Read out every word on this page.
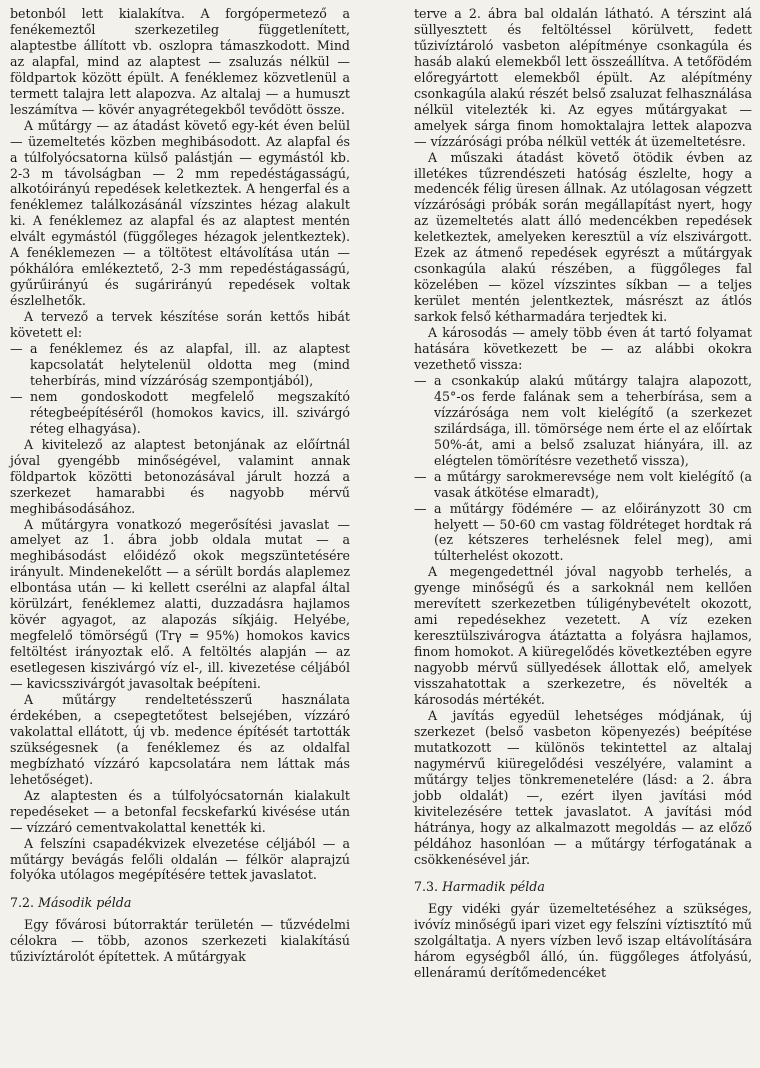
betonból lett kialakítva. A forgópermetező a fenékemeztől szerkezetileg függetlenített, alaptestbe állított vb. oszlopra támaszkodott. Mind az alapfal, mind az alaptest — zsaluzás nélkül — földpartok között épült. A fenéklemez közvetlenül a termett talajra lett alapozva. Az altalaj — a humuszt leszámítva — kövér anyagrétegekből tevődött össze.

A műtárgy — az átadást követő egy-két éven belül — üzemeltetés közben meghibásodott. Az alapfal és a túlfolyócsatorna külső palástján — egymástól kb. 2-3 m távolságban — 2 mm repedéstágasságú, alkotóirányú repedések keletkeztek. A hengerfal és a fenéklemez találkozásánál vízszintes hézag alakult ki. A fenéklemez az alapfal és az alaptest mentén elvált egymástól (függőleges hézagok jelentkeztek). A fenéklemezen — a töltötest eltávolítása után — pókhálóra emlékeztető, 2-3 mm repedéstágasságú, gyűrűirányú és sugárirányú repedések voltak észlelhetők.

A tervező a tervek készítése során kettős hibát követett el:

— a fenéklemez és az alapfal, ill. az alaptest kapcsolatát helytelenül oldotta meg (mind teherbírás, mind vízzáróság szempontjából),
— nem gondoskodott megfelelő megszakító rétegbeépítéséről (homokos kavics, ill. szivárgó réteg elhagyása).

A kivitelező az alaptest betonjának az előírtnál jóval gyengébb minőségével, valamint annak földpartok közötti betonozásával járult hozzá a szerkezet hamarabbi és nagyobb mérvű meghibásodásához.

A műtárgyra vonatkozó megerősítési javaslat — amelyet az 1. ábra jobb oldala mutat — a meghibásodást előidéző okok megszüntetésére irányult. Mindenekelőtt — a sérült bordás alaplemez elbontása után — ki kellett cserélni az alapfal által körülzárt, fenéklemez alatti, duzzadásra hajlamos kövér agyagot, az alapozás síkjáig. Helyébe, megfelelő tömörségű (Trγ = 95%) homokos kavics feltöltést irányoztak elő. A feltöltés alapján — az esetlegesen kiszivárgó víz el-, ill. kivezetése céljából — kavicsszivárgót javasoltak beépíteni.

A műtárgy rendeltetésszerű használata érdekében, a csepegtetőtest belsejében, vízzáró vakolattal ellátott, új vb. medence építését tartották szükségesnek (a fenéklemez és az oldalfal megbízható vízzáró kapcsolatára nem láttak más lehetőséget).

Az alaptesten és a túlfolyócsatornán kialakult repedéseket — a betonfal fecskefarkú kivésése után — vízzáró cementvakolattal kenették ki.

A felszíni csapadékvizek elvezetése céljából — a műtárgy bevágás felőli oldalán — félkör alaprajzú folyóka utólagos megépítésére tettek javaslatot.

7.2. Második példa

Egy fővárosi bútorraktár területén — tűzvédelmi célokra — több, azonos szerkezeti kialakítású tűzivíztárolót építettek. A műtárgyak

terve a 2. ábra bal oldalán látható. A térszint alá süllyesztett és feltöltéssel körülvett, fedett tűzivíztároló vasbeton alépítménye csonkagúla és hasáb alakú elemekből lett összeállítva. A tetőfödém előregyártott elemekből épült. Az alépítmény csonkagúla alakú részét belső zsaluzat felhasználása nélkül vitelezték ki. Az egyes műtárgyakat — amelyek sárga finom homoktalajra lettek alapozva — vízzárósági próba nélkül vették át üzemeltetésre.

A műszaki átadást követő ötödik évben az illetékes tűzrendészeti hatóság észlelte, hogy a medencék félig üresen állnak. Az utólagosan végzett vízzárósági próbák során megállapítást nyert, hogy az üzemeltetés alatt álló medencékben repedések keletkeztek, amelyeken keresztül a víz elszivárgott. Ezek az átmenő repedések egyrészt a műtárgyak csonkagúla alakú részében, a függőleges fal közelében — közel vízszintes síkban — a teljes kerület mentén jelentkeztek, másrészt az átlós sarkok felső kétharmadára terjedtek ki.

A károsodás — amely több éven át tartó folyamat hatására következett be — az alábbi okokra vezethető vissza:

— a csonkakúp alakú műtárgy talajra alapozott, 45°-os ferde falának sem a teherbírása, sem a vízzárósága nem volt kielégítő (a szerkezet szilárdsága, ill. tömörsége nem érte el az előírtak 50%-át, ami a belső zsaluzat hiányára, ill. az elégtelen tömörítésre vezethető vissza),
— a műtárgy sarokmerevsége nem volt kielégítő (a vasak átkötése elmaradt),
— a műtárgy födémére — az előirányzott 30 cm helyett — 50-60 cm vastag földréteget hordtak rá (ez kétszeres terhelésnek felel meg), ami túlterhelést okozott.

A megengedettnél jóval nagyobb terhelés, a gyenge minőségű és a sarkoknál nem kellően merevített szerkezetben túligénybevételt okozott, ami repedésekhez vezetett. A víz ezeken keresztülszivárogva átáztatta a folyásra hajlamos, finom homokot. A kiüregelődés következtében egyre nagyobb mérvű süllyedések állottak elő, amelyek visszahatottak a szerkezetre, és növelték a károsodás mértékét.

A javítás egyedül lehetséges módjának, új szerkezet (belső vasbeton köpenyezés) beépítése mutatkozott — különös tekintettel az altalaj nagymérvű kiüregelődési veszélyére, valamint a műtárgy teljes tönkremenetelére (lásd: a 2. ábra jobb oldalát) —, ezért ilyen javítási mód kivitelezésére tettek javaslatot. A javítási mód hátránya, hogy az alkalmazott megoldás — az előző példához hasonlóan — a műtárgy térfogatának a csökkenésével jár.

7.3. Harmadik példa

Egy vidéki gyár üzemeltetéséhez a szükséges, ivóvíz minőségű ipari vizet egy felszíni víztisztító mű szolgáltatja. A nyers vízben levő iszap eltávolítására három egységből álló, ún. függőleges átfolyású, ellenáramú derítőmedencéket
